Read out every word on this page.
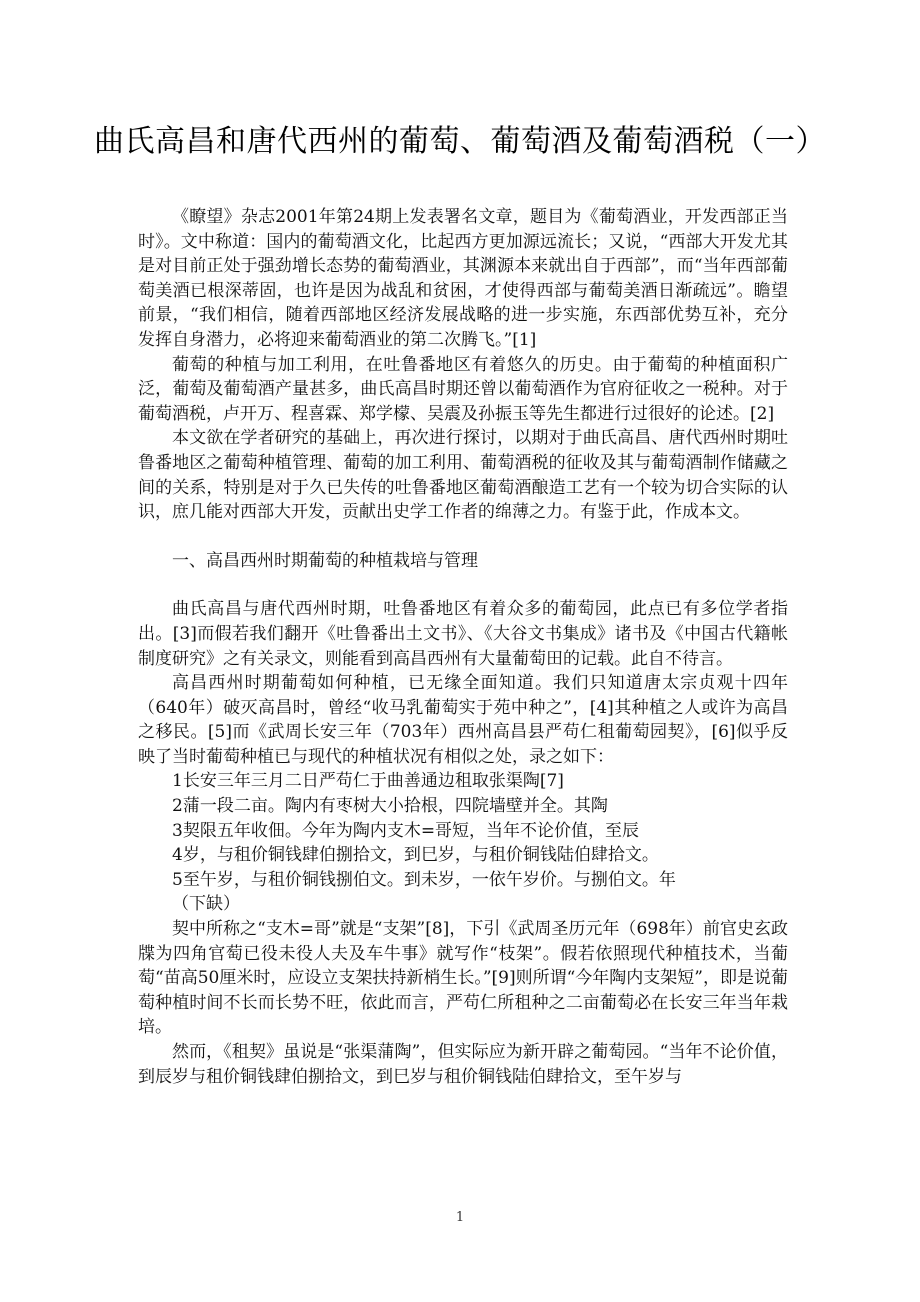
曲氏高昌和唐代西州的葡萄、葡萄酒及葡萄酒税（一）

《瞭望》杂志2001年第24期上发表署名文章，题目为《葡萄酒业，开发西部正当时》。文中称道：国内的葡萄酒文化，比起西方更加源远流长；又说，“西部大开发尤其是对目前正处于强劲增长态势的葡萄酒业，其渊源本来就出自于西部”，而“当年西部葡萄美酒已根深蒂固，也许是因为战乱和贫困，才使得西部与葡萄美酒日渐疏远”。瞻望前景，“我们相信，随着西部地区经济发展战略的进一步实施，东西部优势互补，充分发挥自身潜力，必将迎来葡萄酒业的第二次腾飞。”[1]

葡萄的种植与加工利用，在吐鲁番地区有着悠久的历史。由于葡萄的种植面积广泛，葡萄及葡萄酒产量甚多，曲氏高昌时期还曾以葡萄酒作为官府征收之一税种。对于葡萄酒税，卢开万、程喜霖、郑学檬、吴震及孙振玉等先生都进行过很好的论述。[2]

本文欲在学者研究的基础上，再次进行探讨，以期对于曲氏高昌、唐代西州时期吐鲁番地区之葡萄种植管理、葡萄的加工利用、葡萄酒税的征收及其与葡萄酒制作储藏之间的关系，特别是对于久已失传的吐鲁番地区葡萄酒酿造工艺有一个较为切合实际的认识，庶几能对西部大开发，贡献出史学工作者的绵薄之力。有鉴于此，作成本文。

一、高昌西州时期葡萄的种植栽培与管理

曲氏高昌与唐代西州时期，吐鲁番地区有着众多的葡萄园，此点已有多位学者指出。[3]而假若我们翻开《吐鲁番出土文书》、《大谷文书集成》诸书及《中国古代籍帐制度研究》之有关录文，则能看到高昌西州有大量葡萄田的记载。此自不待言。

高昌西州时期葡萄如何种植，已无缘全面知道。我们只知道唐太宗贞观十四年（640年）破灭高昌时，曾经“收马乳葡萄实于苑中种之”，[4]其种植之人或许为高昌之移民。[5]而《武周长安三年（703年）西州高昌县严苟仁租葡萄园契》，[6]似乎反映了当时葡萄种植已与现代的种植状况有相似之处，录之如下：

1长安三年三月二日严苟仁于曲善通边租取张渠陶[7]

2蒲一段二亩。陶内有枣树大小拾根，四院墙壁并全。其陶

3契限五年收佃。今年为陶内支木=哥短，当年不论价值，至辰

4岁，与租价铜钱肆伯捌拾文，到巳岁，与租价铜钱陆伯肆拾文。

5至午岁，与租价铜钱捌伯文。到未岁，一依午岁价。与捌伯文。年

（下缺）

契中所称之“支木=哥”就是“支架”[8]，下引《武周圣历元年（698年）前官史玄政牒为四角官萄已役未役人夫及车牛事》就写作“枝架”。假若依照现代种植技术，当葡萄“苗高50厘米时，应设立支架扶持新梢生长。”[9]则所谓“今年陶内支架短”，即是说葡萄种植时间不长而长势不旺，依此而言，严苟仁所租种之二亩葡萄必在长安三年当年栽培。

然而，《租契》虽说是“张渠蒲陶”，但实际应为新开辟之葡萄园。“当年不论价值，到辰岁与租价铜钱肆伯捌拾文，到巳岁与租价铜钱陆伯肆拾文，至午岁与

1
